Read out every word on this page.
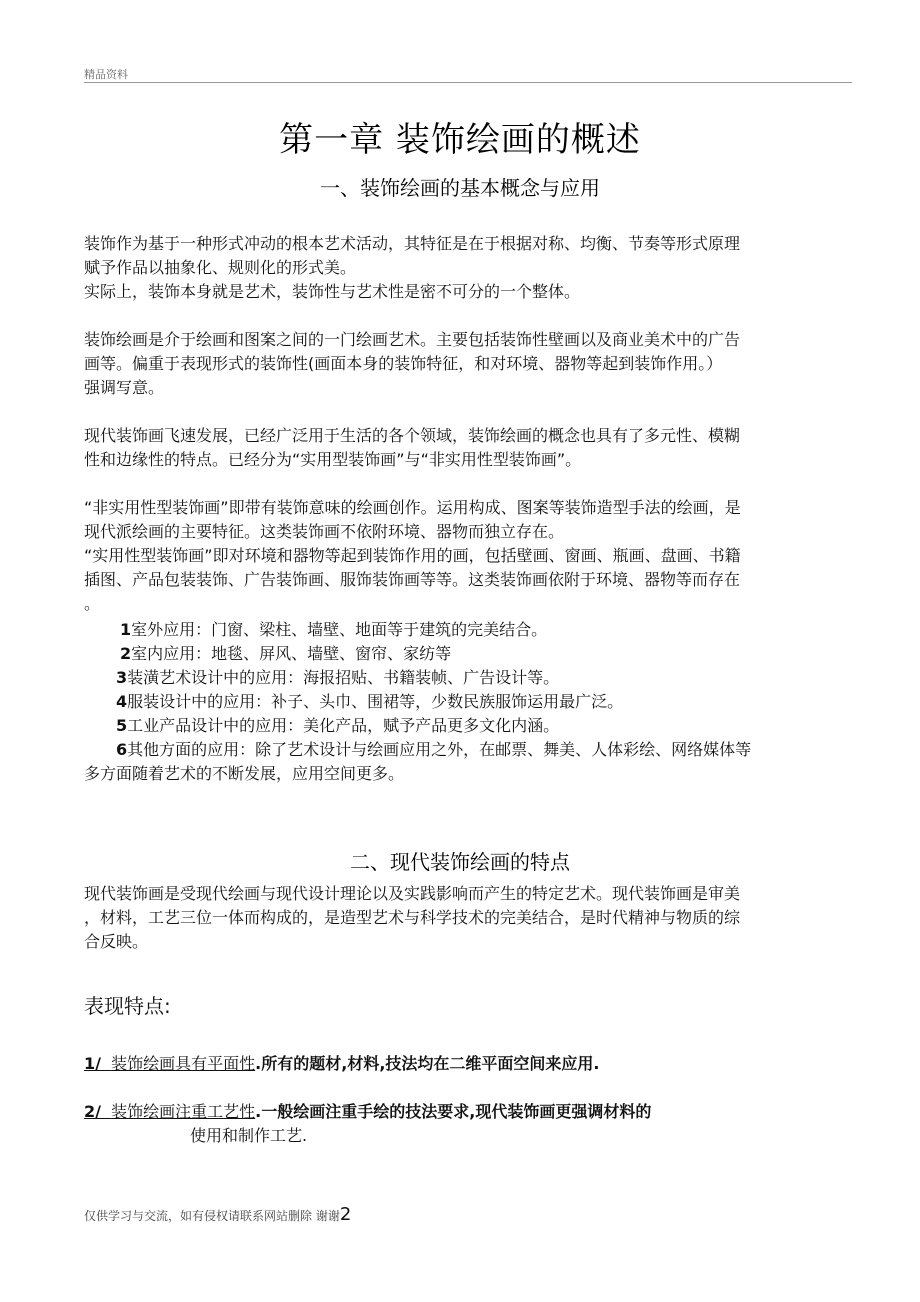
精品资料
第一章 装饰绘画的概述
一、装饰绘画的基本概念与应用
装饰作为基于一种形式冲动的根本艺术活动，其特征是在于根据对称、均衡、节奏等形式原理
赋予作品以抽象化、规则化的形式美。
实际上，装饰本身就是艺术，装饰性与艺术性是密不可分的一个整体。
装饰绘画是介于绘画和图案之间的一门绘画艺术。主要包括装饰性壁画以及商业美术中的广告
画等。偏重于表现形式的装饰性(画面本身的装饰特征，和对环境、器物等起到装饰作用。）
强调写意。
现代装饰画飞速发展，已经广泛用于生活的各个领域，装饰绘画的概念也具有了多元性、模糊
性和边缘性的特点。已经分为“实用型装饰画”与“非实用性型装饰画”。
“非实用性型装饰画”即带有装饰意味的绘画创作。运用构成、图案等装饰造型手法的绘画，是
现代派绘画的主要特征。这类装饰画不依附环境、器物而独立存在。
“实用性型装饰画”即对环境和器物等起到装饰作用的画，包括壁画、窗画、瓶画、盘画、书籍
插图、产品包装装饰、广告装饰画、服饰装饰画等等。这类装饰画依附于环境、器物等而存在
。
1室外应用：门窗、梁柱、墙壁、地面等于建筑的完美结合。
2室内应用：地毯、屏风、墙壁、窗帘、家纺等
3装潢艺术设计中的应用：海报招贴、书籍装帧、广告设计等。
4服装设计中的应用：补子、头巾、围裙等，少数民族服饰运用最广泛。
5工业产品设计中的应用：美化产品，赋予产品更多文化内涵。
6其他方面的应用：除了艺术设计与绘画应用之外，在邮票、舞美、人体彩绘、网络媒体等
多方面随着艺术的不断发展，应用空间更多。
二、现代装饰绘画的特点
现代装饰画是受现代绘画与现代设计理论以及实践影响而产生的特定艺术。现代装饰画是审美
，材料，工艺三位一体而构成的，是造型艺术与科学技术的完美结合，是时代精神与物质的综
合反映。
表现特点:
1/ 装饰绘画具有平面性.所有的题材,材料,技法均在二维平面空间来应用.
2/ 装饰绘画注重工艺性.一般绘画注重手绘的技法要求,现代装饰画更强调材料的
使用和制作工艺.
仅供学习与交流，如有侵权请联系网站删除 谢谢2
